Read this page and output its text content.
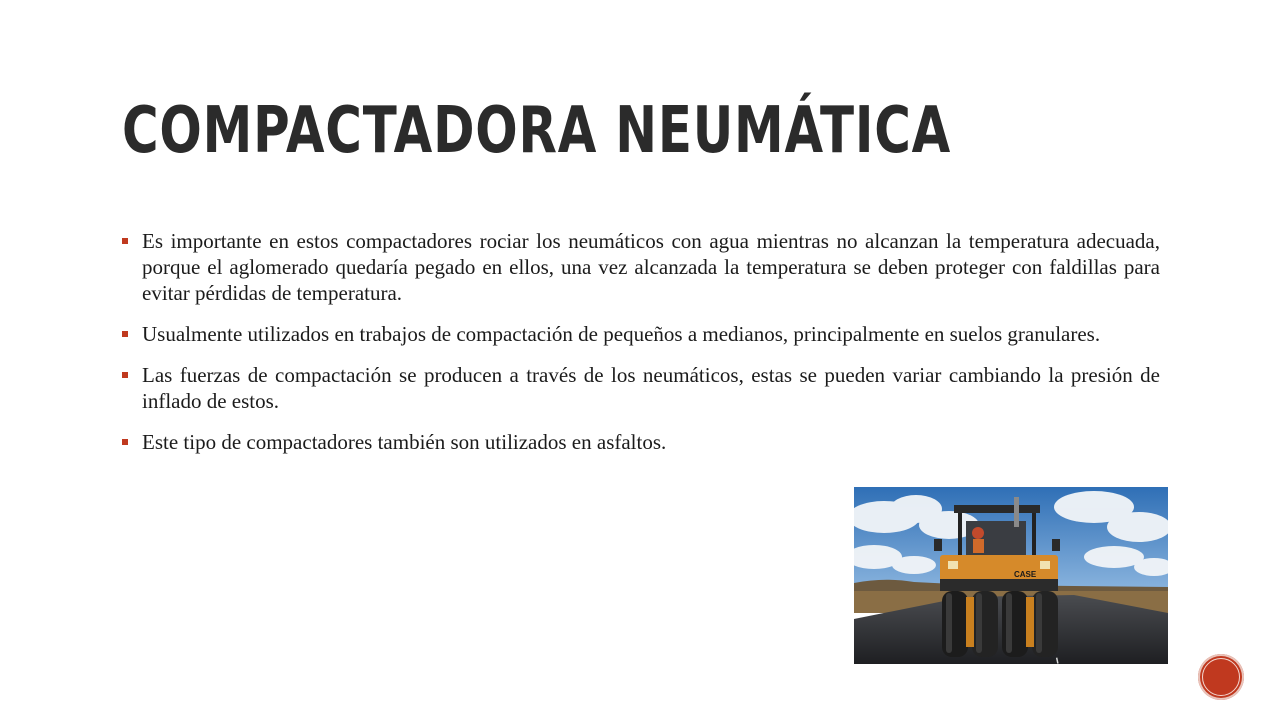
COMPACTADORA NEUMÁTICA
Es importante en estos compactadores rociar los neumáticos con agua mientras no alcanzan la temperatura adecuada, porque el aglomerado quedaría pegado en ellos, una vez alcanzada la temperatura se deben proteger con faldillas para evitar pérdidas de temperatura.
Usualmente utilizados en trabajos de compactación de pequeños a medianos, principalmente en suelos granulares.
Las fuerzas de compactación se producen a través de los neumáticos, estas se pueden variar cambiando la presión de inflado de estos.
Este tipo de compactadores también son utilizados en asfaltos.
CASE
